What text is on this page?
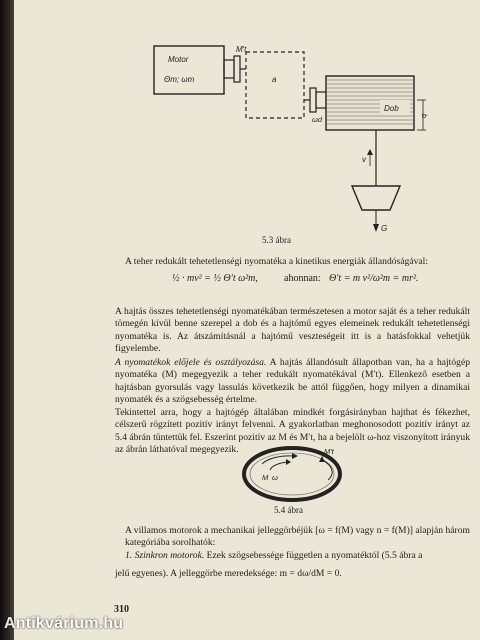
Motor
Θm; ωm
M′t
a
ωd
Dob
q
v
G
5.3 ábra
A teher redukált tehetetlenségi nyomatéka a kinetikus energiák állandóságával:
½ · mv² = ½ Θ′t ω²m,	ahonnan: Θ′t = m v²/ω²m = mr².
A hajtás összes tehetetlenségi nyomatékában természetesen a motor saját és a teher redukált tömegén kívül benne szerepel a dob és a hajtómű egyes elemeinek redukált tehetetlenségi nyomatéka is. Az átszámításnál a hajtómű veszteségeit itt is a hatásfokkal vehetjük figyelembe.
A nyomatékok előjele és osztályozása. A hajtás állandósult állapotban van, ha a hajtógép nyomatéka (M) megegyezik a teher redukált nyomatékával (M′t). Ellenkező esetben a hajtásban gyorsulás vagy lassulás következik be attól függően, hogy milyen a dinamikai nyomaték és a szögsebesség értelme.
Tekintettel arra, hogy a hajtógép általában mindkét forgásirányban hajthat és fékezhet, célszerű rögzített pozitív irányt felvenni. A gyakorlatban meghonosodott pozitív irányt az 5.4 ábrán tüntettük fel. Eszerint pozitív az M és M′t, ha a bejelölt ω-hoz viszonyított irányuk az ábrán láthatóval megegyezik.
M ω
M′t
5.4 ábra
A villamos motorok a mechanikai jelleggörbéjük [ω = f(M) vagy n = f(M)] alapján három kategóriába sorolhatók:
1. Szinkron motorok. Ezek szögsebessége független a nyomatéktól (5.5 ábra a
jelű egyenes). A jelleggörbe meredeksége: m = dω/dM = 0.
310
Antikvárium.hu
